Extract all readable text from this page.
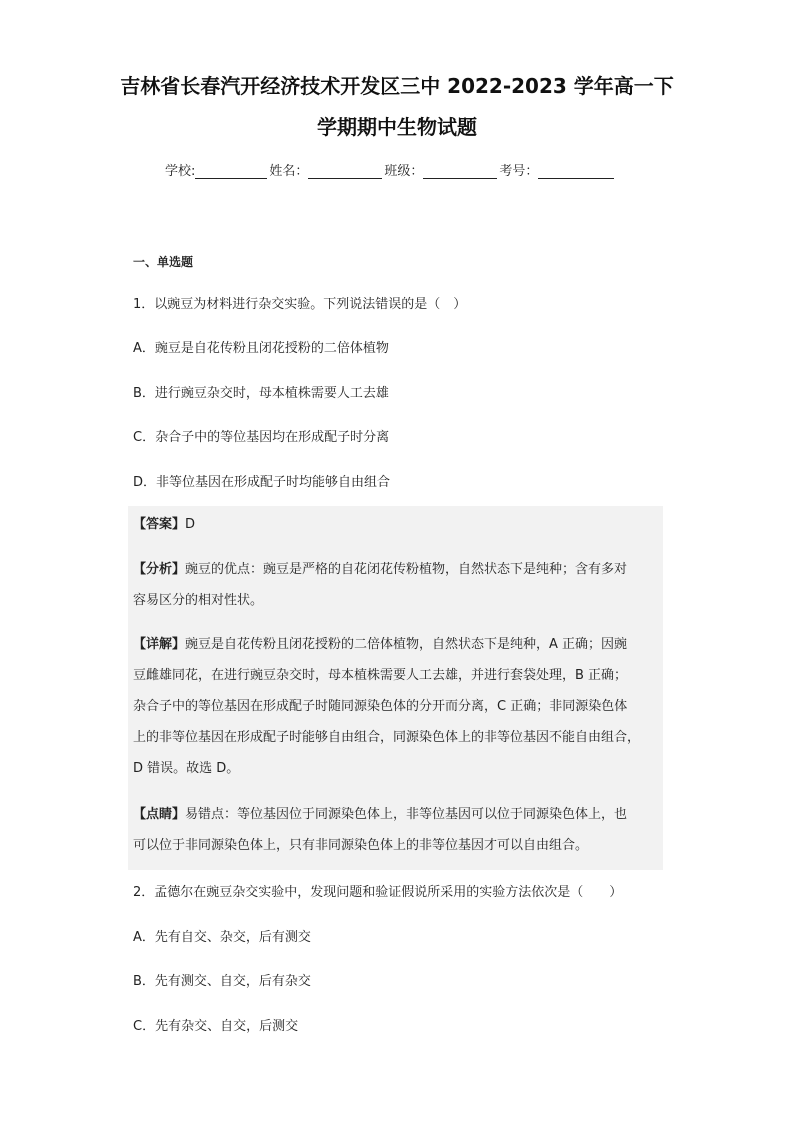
吉林省长春汽开经济技术开发区三中 2022-2023 学年高一下
学期期中生物试题
学校:	姓名：	班级：	考号：
一、单选题
1．以豌豆为材料进行杂交实验。下列说法错误的是（　）
A．豌豆是自花传粉且闭花授粉的二倍体植物
B．进行豌豆杂交时，母本植株需要人工去雄
C．杂合子中的等位基因均在形成配子时分离
D．非等位基因在形成配子时均能够自由组合
【答案】D
【分析】豌豆的优点：豌豆是严格的自花闭花传粉植物，自然状态下是纯种；含有多对
容易区分的相对性状。
【详解】豌豆是自花传粉且闭花授粉的二倍体植物，自然状态下是纯种，A 正确；因豌
豆雌雄同花，在进行豌豆杂交时，母本植株需要人工去雄，并进行套袋处理，B 正确；
杂合子中的等位基因在形成配子时随同源染色体的分开而分离，C 正确；非同源染色体
上的非等位基因在形成配子时能够自由组合，同源染色体上的非等位基因不能自由组合，
D 错误。故选 D。
【点睛】易错点：等位基因位于同源染色体上，非等位基因可以位于同源染色体上，也
可以位于非同源染色体上，只有非同源染色体上的非等位基因才可以自由组合。
2．孟德尔在豌豆杂交实验中，发现问题和验证假说所采用的实验方法依次是（　　）
A．先有自交、杂交，后有测交
B．先有测交、自交，后有杂交
C．先有杂交、自交，后测交
